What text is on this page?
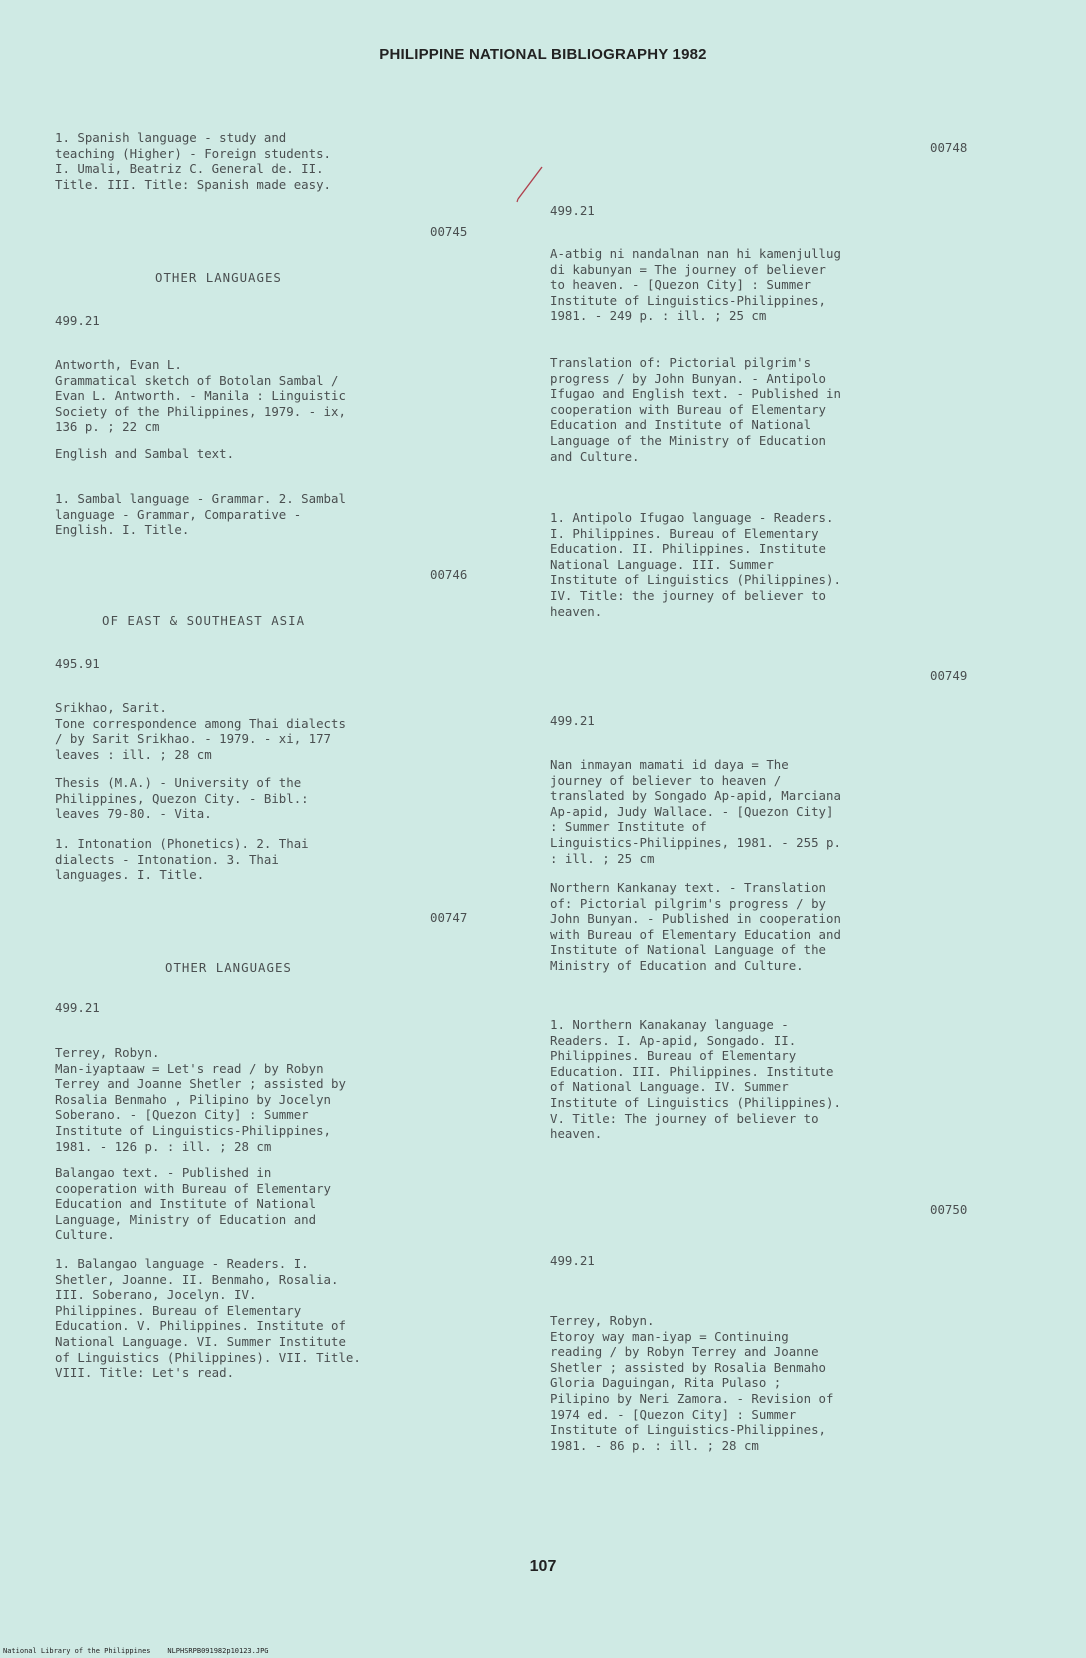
PHILIPPINE NATIONAL BIBLIOGRAPHY 1982
1. Spanish language - study and
teaching (Higher) - Foreign students.
I. Umali, Beatriz C. General de. II.
Title. III. Title: Spanish made easy.
00745
OTHER LANGUAGES
499.21
Antworth, Evan L.
Grammatical sketch of Botolan Sambal /
Evan L. Antworth. - Manila : Linguistic
Society of the Philippines, 1979. - ix,
136 p. ; 22 cm
English and Sambal text.
1. Sambal language - Grammar. 2. Sambal
language - Grammar, Comparative -
English. I. Title.
00746
OF EAST & SOUTHEAST ASIA
495.91
Srikhao, Sarit.
Tone correspondence among Thai dialects
/ by Sarit Srikhao. - 1979. - xi, 177
leaves : ill. ; 28 cm
Thesis (M.A.) - University of the
Philippines, Quezon City. - Bibl.:
leaves 79-80. - Vita.
1. Intonation (Phonetics). 2. Thai
dialects - Intonation. 3. Thai
languages. I. Title.
00747
OTHER LANGUAGES
499.21
Terrey, Robyn.
Man-iyaptaaw = Let's read / by Robyn
Terrey and Joanne Shetler ; assisted by
Rosalia Benmaho , Pilipino by Jocelyn
Soberano. - [Quezon City] : Summer
Institute of Linguistics-Philippines,
1981. - 126 p. : ill. ; 28 cm
Balangao text. - Published in
cooperation with Bureau of Elementary
Education and Institute of National
Language, Ministry of Education and
Culture.
1. Balangao language - Readers. I.
Shetler, Joanne. II. Benmaho, Rosalia.
III. Soberano, Jocelyn. IV.
Philippines. Bureau of Elementary
Education. V. Philippines. Institute of
National Language. VI. Summer Institute
of Linguistics (Philippines). VII. Title.
VIII. Title: Let's read.
00748
499.21
A-atbig ni nandalnan nan hi kamenjullug
di kabunyan = The journey of believer
to heaven. - [Quezon City] : Summer
Institute of Linguistics-Philippines,
1981. - 249 p. : ill. ; 25 cm
Translation of: Pictorial pilgrim's
progress / by John Bunyan. - Antipolo
Ifugao and English text. - Published in
cooperation with Bureau of Elementary
Education and Institute of National
Language of the Ministry of Education
and Culture.
1. Antipolo Ifugao language - Readers.
I. Philippines. Bureau of Elementary
Education. II. Philippines. Institute
National Language. III. Summer
Institute of Linguistics (Philippines).
IV. Title: the journey of believer to
heaven.
00749
499.21
Nan inmayan mamati id daya = The
journey of believer to heaven /
translated by Songado Ap-apid, Marciana
Ap-apid, Judy Wallace. - [Quezon City]
: Summer Institute of
Linguistics-Philippines, 1981. - 255 p.
: ill. ; 25 cm
Northern Kankanay text. - Translation
of: Pictorial pilgrim's progress / by
John Bunyan. - Published in cooperation
with Bureau of Elementary Education and
Institute of National Language of the
Ministry of Education and Culture.
1. Northern Kanakanay language -
Readers. I. Ap-apid, Songado. II.
Philippines. Bureau of Elementary
Education. III. Philippines. Institute
of National Language. IV. Summer
Institute of Linguistics (Philippines).
V. Title: The journey of believer to
heaven.
00750
499.21
Terrey, Robyn.
Etoroy way man-iyap = Continuing
reading / by Robyn Terrey and Joanne
Shetler ; assisted by Rosalia Benmaho
Gloria Daguingan, Rita Pulaso ;
Pilipino by Neri Zamora. - Revision of
1974 ed. - [Quezon City] : Summer
Institute of Linguistics-Philippines,
1981. - 86 p. : ill. ; 28 cm
107
National Library of the Philippines    NLPHSRPB091982p10123.JPG
